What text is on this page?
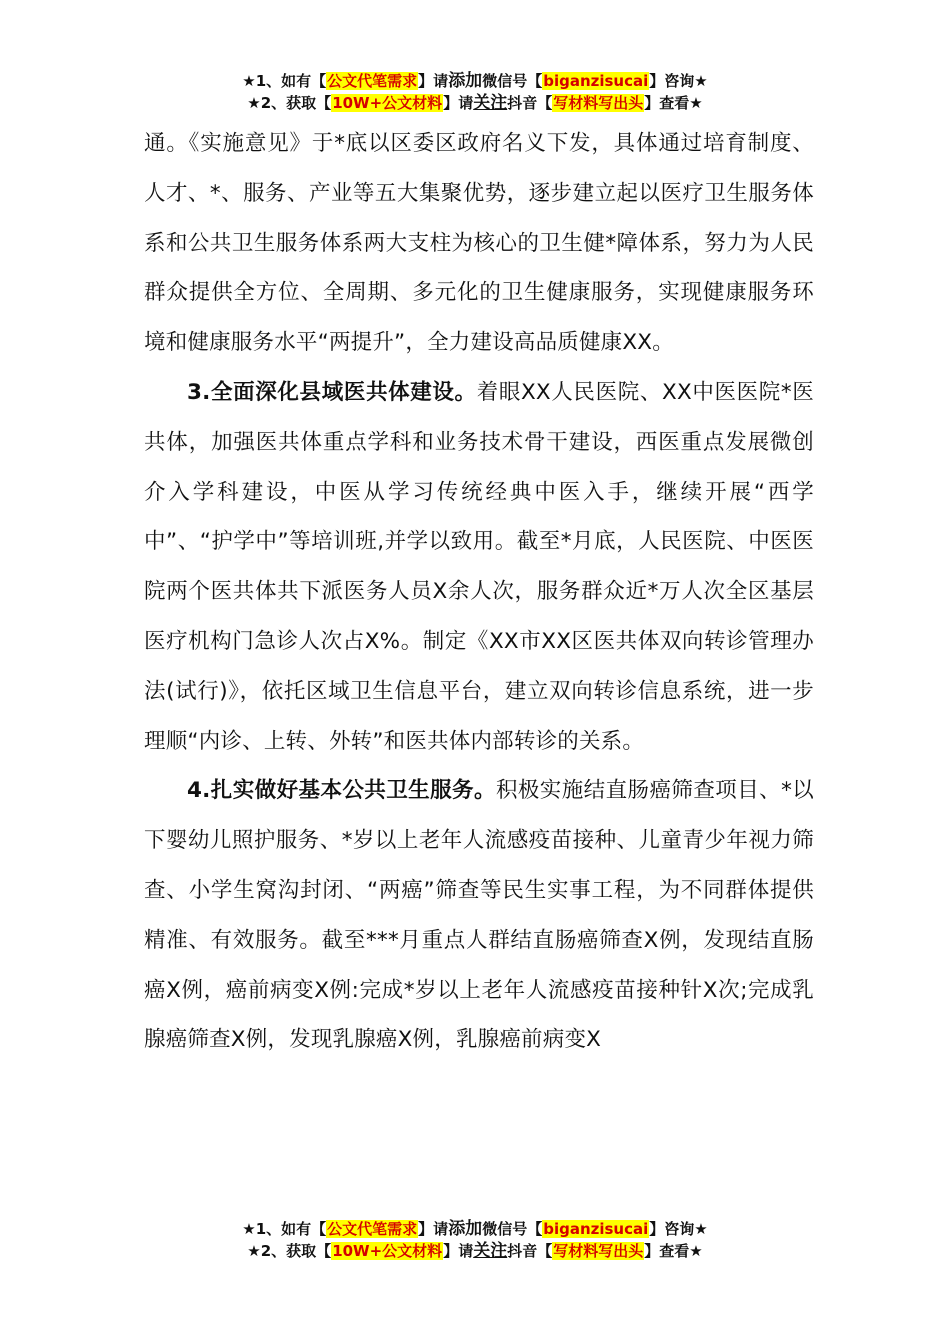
★1、如有【公文代笔需求】请添加微信号【biganzisucai】咨询★
★2、获取【10W+公文材料】请关注抖音【写材料写出头】查看★

通。《实施意见》于*底以区委区政府名义下发，具体通过培育制度、人才、*、服务、产业等五大集聚优势，逐步建立起以医疗卫生服务体系和公共卫生服务体系两大支柱为核心的卫生健*障体系，努力为人民群众提供全方位、全周期、多元化的卫生健康服务，实现健康服务环境和健康服务水平“两提升”，全力建设高品质健康XX。

3.全面深化县域医共体建设。着眼XX人民医院、XX中医医院*医共体，加强医共体重点学科和业务技术骨干建设，西医重点发展微创介入学科建设，中医从学习传统经典中医入手，继续开展“西学中”、“护学中”等培训班,并学以致用。截至*月底，人民医院、中医医院两个医共体共下派医务人员X余人次，服务群众近*万人次全区基层医疗机构门急诊人次占X%。制定《XX市XX区医共体双向转诊管理办法(试行)》，依托区域卫生信息平台，建立双向转诊信息系统，进一步理顺“内诊、上转、外转”和医共体内部转诊的关系。

4.扎实做好基本公共卫生服务。积极实施结直肠癌筛查项目、*以下婴幼儿照护服务、*岁以上老年人流感疫苗接种、儿童青少年视力筛查、小学生窝沟封闭、“两癌”筛查等民生实事工程，为不同群体提供精准、有效服务。截至***月重点人群结直肠癌筛查X例，发现结直肠癌X例，癌前病变X例:完成*岁以上老年人流感疫苗接种针X次;完成乳腺癌筛查X例，发现乳腺癌X例，乳腺癌前病变X

★1、如有【公文代笔需求】请添加微信号【biganzisucai】咨询★
★2、获取【10W+公文材料】请关注抖音【写材料写出头】查看★
